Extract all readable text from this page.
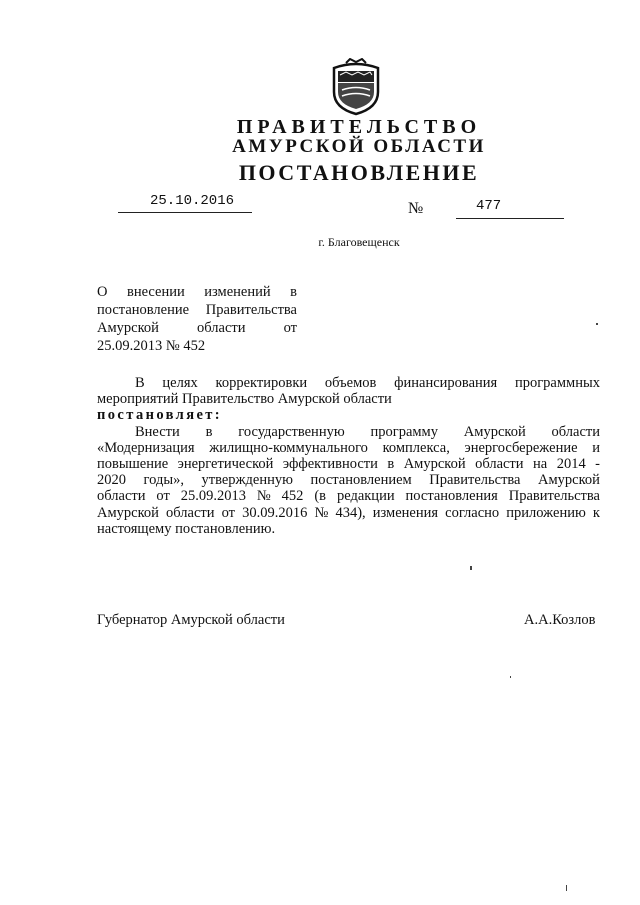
ПРАВИТЕЛЬСТВО
АМУРСКОЙ ОБЛАСТИ
ПОСТАНОВЛЕНИЕ
25.10.2016	№	477
г. Благовещенск
О внесении изменений в
постановление Правительства
Амурской	области	от
25.09.2013 № 452
В целях корректировки объемов финансирования программных
мероприятий Правительство Амурской области
постановляет:
Внести в государственную программу Амурской области
«Модернизация жилищно-коммунального комплекса, энергосбережение и
повышение энергетической эффективности в Амурской области на 2014 -
2020 годы», утвержденную постановлением Правительства Амурской
области от 25.09.2013 № 452 (в редакции постановления Правительства
Амурской области от 30.09.2016 № 434), изменения согласно приложению к
настоящему постановлению.
Губернатор Амурской области	А.А.Козлов
